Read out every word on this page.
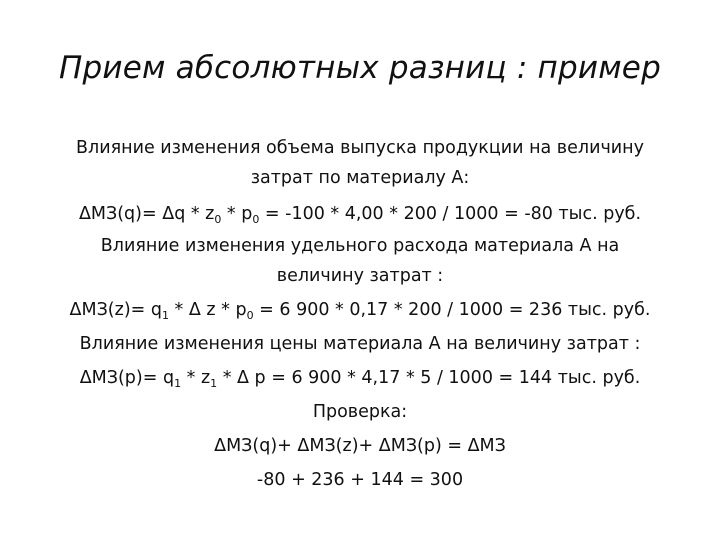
Прием абсолютных разниц : пример
Влияние изменения объема выпуска продукции на величину
затрат по материалу А:
$\Delta МЗ(q)= \Delta q * z_0 * p_0 = -100 * 4,00 * 200 / 1000 = -80$ тыс. руб.
Влияние изменения удельного расхода материала А на
величину затрат :
$\Delta МЗ(z)= q_1 * \Delta$ $z * p_0 = 6$ 900 * 0,17 * 200 / 1000 = 236 тыс. руб.
Влияние изменения цены материала А на величину затрат :
$\Delta МЗ(p)= q_1 * z_1 * \Delta$ p = 6 900 * 4,17 * 5 / 1000 = 144 тыс. руб.
Проверка:
ΔМЗ(q)+ ΔМЗ(z)+ ΔМЗ(p) = ΔМЗ
-80 + 236 + 144 = 300
